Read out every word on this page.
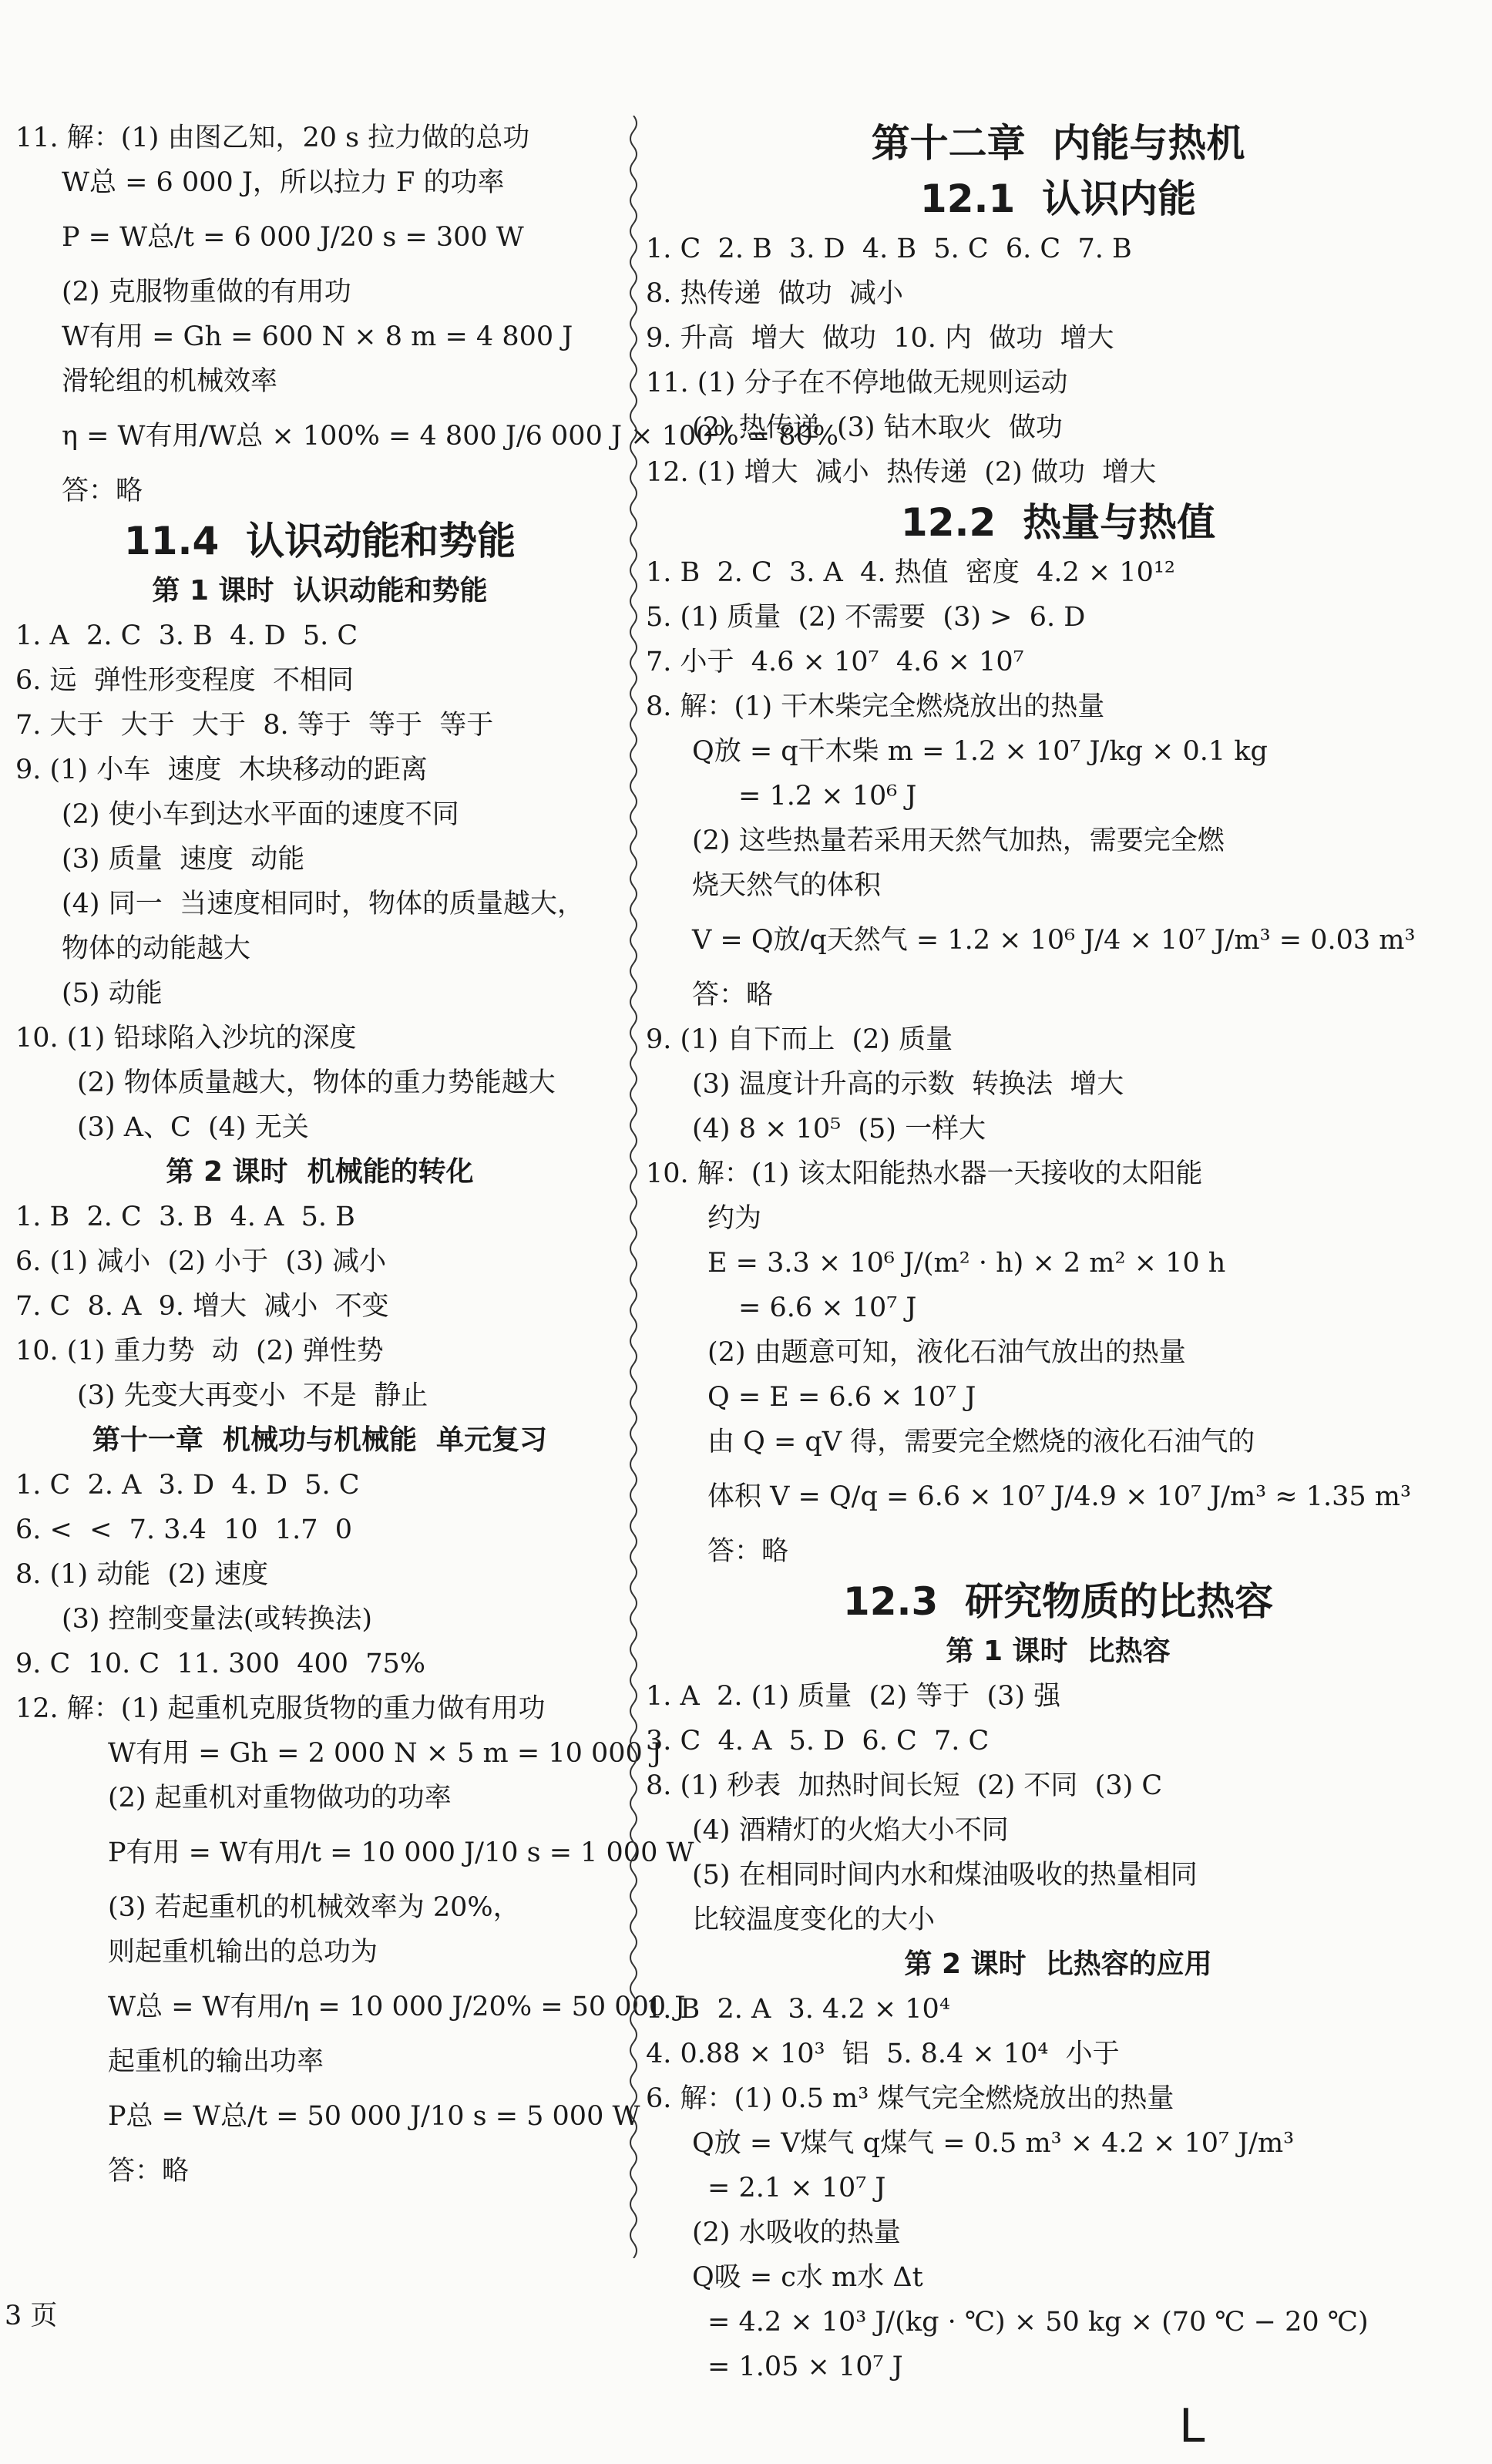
11. 解：(1) 由图乙知，20 s 拉力做的总功
W总 = 6 000 J，所以拉力 F 的功率
P = W总/t = 6 000 J/20 s = 300 W
(2) 克服物重做的有用功
W有用 = Gh = 600 N × 8 m = 4 800 J
滑轮组的机械效率
η = W有用/W总 × 100% = 4 800 J/6 000 J × 100% = 80%
答：略
11.4  认识动能和势能
第 1 课时  认识动能和势能
1. A  2. C  3. B  4. D  5. C
6. 远  弹性形变程度  不相同
7. 大于  大于  大于  8. 等于  等于  等于
9. (1) 小车  速度  木块移动的距离
(2) 使小车到达水平面的速度不同
(3) 质量  速度  动能
(4) 同一  当速度相同时，物体的质量越大，
物体的动能越大
(5) 动能
10. (1) 铅球陷入沙坑的深度
(2) 物体质量越大，物体的重力势能越大
(3) A、C  (4) 无关
第 2 课时  机械能的转化
1. B  2. C  3. B  4. A  5. B
6. (1) 减小  (2) 小于  (3) 减小
7. C  8. A  9. 增大  减小  不变
10. (1) 重力势  动  (2) 弹性势
(3) 先变大再变小  不是  静止
第十一章  机械功与机械能  单元复习
1. C  2. A  3. D  4. D  5. C
6. <  <  7. 3.4  10  1.7  0
8. (1) 动能  (2) 速度
(3) 控制变量法(或转换法)
9. C  10. C  11. 300  400  75%
12. 解：(1) 起重机克服货物的重力做有用功
W有用 = Gh = 2 000 N × 5 m = 10 000 J
(2) 起重机对重物做功的功率
P有用 = W有用/t = 10 000 J/10 s = 1 000 W
(3) 若起重机的机械效率为 20%，
则起重机输出的总功为
W总 = W有用/η = 10 000 J/20% = 50 000 J
起重机的输出功率
P总 = W总/t = 50 000 J/10 s = 5 000 W
答：略
第十二章  内能与热机
12.1  认识内能
1. C  2. B  3. D  4. B  5. C  6. C  7. B
8. 热传递  做功  减小
9. 升高  增大  做功  10. 内  做功  增大
11. (1) 分子在不停地做无规则运动
(2) 热传递  (3) 钻木取火  做功
12. (1) 增大  减小  热传递  (2) 做功  增大
12.2  热量与热值
1. B  2. C  3. A  4. 热值  密度  4.2 × 10¹²
5. (1) 质量  (2) 不需要  (3) >  6. D
7. 小于  4.6 × 10⁷  4.6 × 10⁷
8. 解：(1) 干木柴完全燃烧放出的热量
Q放 = q干木柴 m = 1.2 × 10⁷ J/kg × 0.1 kg
= 1.2 × 10⁶ J
(2) 这些热量若采用天然气加热，需要完全燃
烧天然气的体积
V = Q放/q天然气 = 1.2 × 10⁶ J/4 × 10⁷ J/m³ = 0.03 m³
答：略
9. (1) 自下而上  (2) 质量
(3) 温度计升高的示数  转换法  增大
(4) 8 × 10⁵  (5) 一样大
10. 解：(1) 该太阳能热水器一天接收的太阳能
约为
E = 3.3 × 10⁶ J/(m² · h) × 2 m² × 10 h
= 6.6 × 10⁷ J
(2) 由题意可知，液化石油气放出的热量
Q = E = 6.6 × 10⁷ J
由 Q = qV 得，需要完全燃烧的液化石油气的
体积 V = Q/q = 6.6 × 10⁷ J/4.9 × 10⁷ J/m³ ≈ 1.35 m³
答：略
12.3  研究物质的比热容
第 1 课时  比热容
1. A  2. (1) 质量  (2) 等于  (3) 强
3. C  4. A  5. D  6. C  7. C
8. (1) 秒表  加热时间长短  (2) 不同  (3) C
(4) 酒精灯的火焰大小不同
(5) 在相同时间内水和煤油吸收的热量相同
比较温度变化的大小
第 2 课时  比热容的应用
1. B  2. A  3. 4.2 × 10⁴
4. 0.88 × 10³  铝  5. 8.4 × 10⁴  小于
6. 解：(1) 0.5 m³ 煤气完全燃烧放出的热量
Q放 = V煤气 q煤气 = 0.5 m³ × 4.2 × 10⁷ J/m³
= 2.1 × 10⁷ J
(2) 水吸收的热量
Q吸 = c水 m水 Δt
= 4.2 × 10³ J/(kg · ℃) × 50 kg × (70 ℃ − 20 ℃)
= 1.05 × 10⁷ J
3 页
ᒪ
